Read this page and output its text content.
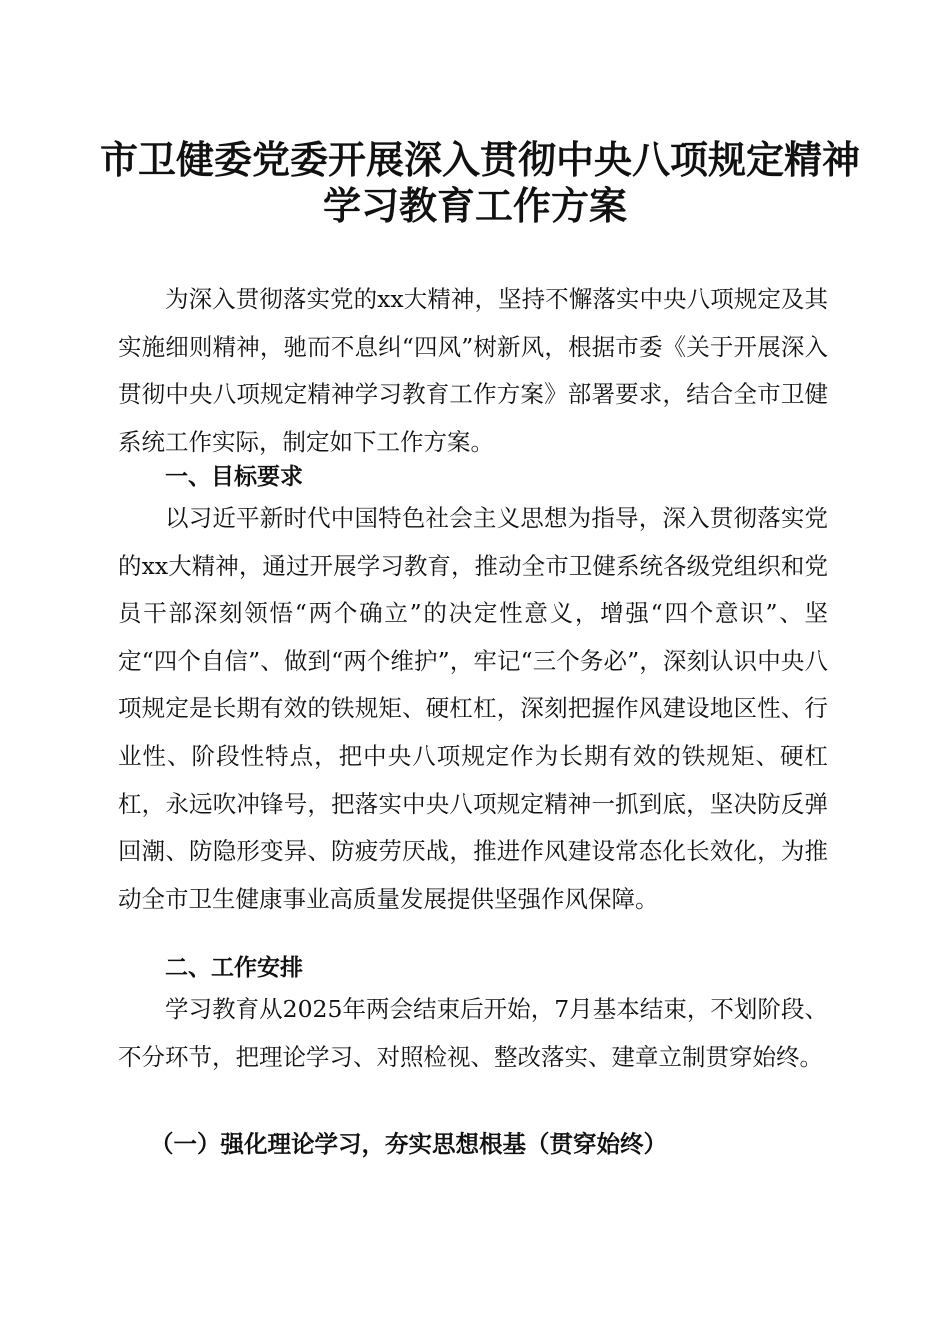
市卫健委党委开展深入贯彻中央八项规定精神
学习教育工作方案

为深入贯彻落实党的xx大精神，坚持不懈落实中央八项规定及其实施细则精神，驰而不息纠“四风”树新风，根据市委《关于开展深入贯彻中央八项规定精神学习教育工作方案》部署要求，结合全市卫健系统工作实际，制定如下工作方案。

一、目标要求

以习近平新时代中国特色社会主义思想为指导，深入贯彻落实党的xx大精神，通过开展学习教育，推动全市卫健系统各级党组织和党员干部深刻领悟“两个确立”的决定性意义，增强“四个意识”、坚定“四个自信”、做到“两个维护”，牢记“三个务必”，深刻认识中央八项规定是长期有效的铁规矩、硬杠杠，深刻把握作风建设地区性、行业性、阶段性特点，把中央八项规定作为长期有效的铁规矩、硬杠杠，永远吹冲锋号，把落实中央八项规定精神一抓到底，坚决防反弹回潮、防隐形变异、防疲劳厌战，推进作风建设常态化长效化，为推动全市卫生健康事业高质量发展提供坚强作风保障。

二、工作安排

学习教育从2025年两会结束后开始，7月基本结束，不划阶段、不分环节，把理论学习、对照检视、整改落实、建章立制贯穿始终。

（一）强化理论学习，夯实思想根基（贯穿始终）
